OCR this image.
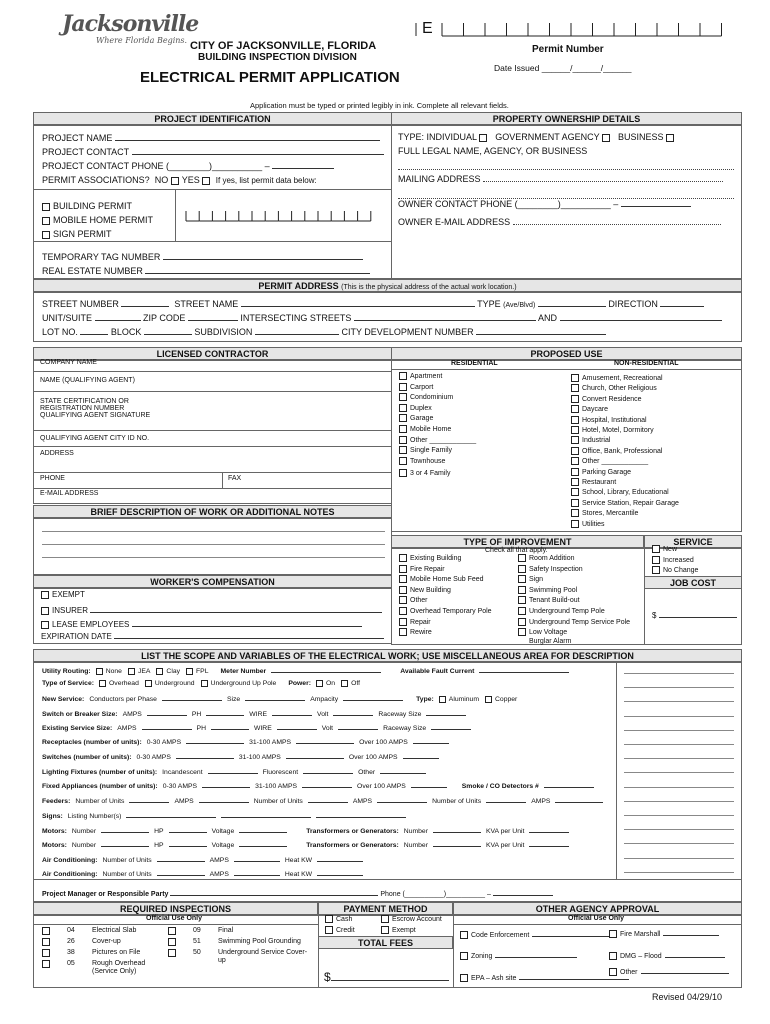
Jacksonville
Where Florida Begins. CITY OF JACKSONVILLE, FLORIDA
BUILDING INSPECTION DIVISION
ELECTRICAL PERMIT APPLICATION
E
Permit Number
Date Issued ______/______/______
Application must be typed or printed legibly in ink. Complete all relevant fields.
PROJECT IDENTIFICATION	PROPERTY OWNERSHIP DETAILS
PROJECT NAME
PROJECT CONTACT
PROJECT CONTACT PHONE (________)__________ –
PERMIT ASSOCIATIONS? NO YES If yes, list permit data below:
BUILDING PERMIT
MOBILE HOME PERMIT
SIGN PERMIT
TEMPORARY TAG NUMBER
REAL ESTATE NUMBER
TYPE: INDIVIDUAL GOVERNMENT AGENCY BUSINESS
FULL LEGAL NAME, AGENCY, OR BUSINESS
MAILING ADDRESS
OWNER CONTACT PHONE (________)__________ –
OWNER E-MAIL ADDRESS
PERMIT ADDRESS (This is the physical address of the actual work location.)
STREET NUMBER	STREET NAME	TYPE (Ave/Blvd)	DIRECTION
UNIT/SUITE	ZIP CODE	INTERSECTING STREETS	AND
LOT NO.	BLOCK	SUBDIVISION	CITY DEVELOPMENT NUMBER
LICENSED CONTRACTOR	PROPOSED USE
COMPANY NAME
NAME (QUALIFYING AGENT)
STATE CERTIFICATION OR
REGISTRATION NUMBER
QUALIFYING AGENT SIGNATURE
QUALIFYING AGENT CITY ID NO.
ADDRESS
PHONE	FAX
E-MAIL ADDRESS
RESIDENTIAL	NON-RESIDENTIAL
Apartment
Carport
Condominium
Duplex
Garage
Mobile Home
Other ____________
Single Family
Townhouse
3 or 4 Family
Amusement, Recreational
Church, Other Religious
Convert Residence
Daycare
Hospital, Institutional
Hotel, Motel, Dormitory
Industrial
Office, Bank, Professional
Other ____________
Parking Garage
Restaurant
School, Library, Educational
Service Station, Repair Garage
Stores, Mercantile
Utilities
BRIEF DESCRIPTION OF WORK OR ADDITIONAL NOTES
WORKER'S COMPENSATION
EXEMPT
INSURER
LEASE EMPLOYEES
EXPIRATION DATE
TYPE OF IMPROVEMENT	SERVICE
Check all that apply.
Existing Building
Fire Repair
Mobile Home Sub Feed
New Building
Other
Overhead Temporary Pole
Repair
Rewire
Room Addition
Safety Inspection
Sign
Swimming Pool
Tenant Build-out
Underground Temp Pole
Underground Temp Service Pole
Low Voltage
Burglar Alarm
New
Increased
No Change
JOB COST
$
LIST THE SCOPE AND VARIABLES OF THE ELECTRICAL WORK; USE MISCELLANEOUS AREA FOR DESCRIPTION
Utility Routing: None JEA Clay FPL Meter Number	Available Fault Current
Type of Service: Overhead Underground Underground Up Pole Power: On Off
New Service: Conductors per Phase	Size	Ampacity	Type: Aluminum Copper
Switch or Breaker Size: AMPS	PH	WIRE	Volt	Raceway Size
Existing Service Size: AMPS	PH	WIRE	Volt	Raceway Size
Receptacles (number of units): 0-30 AMPS	31-100 AMPS	Over 100 AMPS
Switches (number of units): 0-30 AMPS	31-100 AMPS	Over 100 AMPS
Lighting Fixtures (number of units): Incandescent	Fluorescent	Other
Fixed Appliances (number of units): 0-30 AMPS	31-100 AMPS	Over 100 AMPS	Smoke / CO Detectors #
Feeders: Number of Units	AMPS	Number of Units	AMPS	Number of Units	AMPS
Signs: Listing Number(s)
Motors: Number	HP	Voltage	Transformers or Generators: Number	KVA per Unit
Motors: Number	HP	Voltage	Transformers or Generators: Number	KVA per Unit
Air Conditioning: Number of Units	AMPS	Heat KW
Air Conditioning: Number of Units	AMPS	Heat KW
Project Manager or Responsible Party	Phone (__________)__________ –
REQUIRED INSPECTIONS	PAYMENT METHOD	OTHER AGENCY APPROVAL
Official Use Only	Official Use Only
04 Electrical Slab
26 Cover-up
38 Pictures on File
05 Rough Overhead (Service Only)
09 Final
51 Swimming Pool Grounding
50 Underground Service Cover-up
Cash	Escrow Account
Credit	Exempt
TOTAL FEES
$
Code Enforcement	Fire Marshall
Zoning	DMG – Flood
EPA – Ash site
Other
Revised 04/29/10
